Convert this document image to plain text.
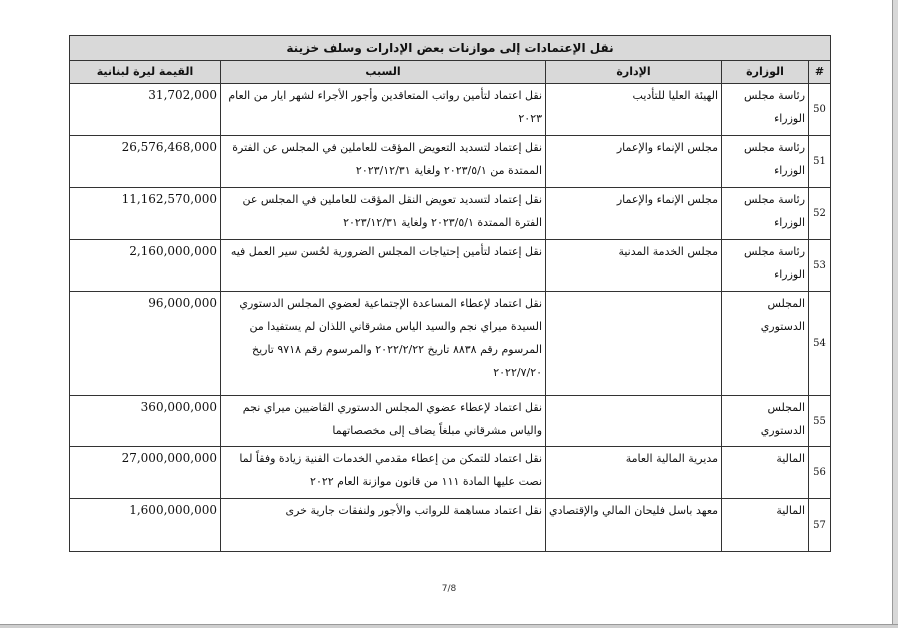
نقل الإعتمادات إلى موازنات بعض الإدارات وسلف خزينة				
#	الوزارة	الإدارة	السبب	القيمة ليرة لبنانية
50	رئاسة مجلس الوزراء	الهيئة العليا للتأديب	نقل اعتماد لتأمين رواتب المتعاقدين وأجور الأجراء لشهر ايار من العام ٢٠٢٣	31,702,000
51	رئاسة مجلس الوزراء	مجلس الإنماء والإعمار	نقل إعتماد لتسديد التعويض المؤقت للعاملين في المجلس عن الفترة الممتدة من ٢٠٢٣/٥/١ ولغاية ٢٠٢٣/١٢/٣١	26,576,468,000
52	رئاسة مجلس الوزراء	مجلس الإنماء والإعمار	نقل إعتماد لتسديد تعويض النقل المؤقت للعاملين في المجلس عن الفترة الممتدة ٢٠٢٣/٥/١ ولغاية ٢٠٢٣/١٢/٣١	11,162,570,000
53	رئاسة مجلس الوزراء	مجلس الخدمة المدنية	نقل إعتماد لتأمين إحتياجات المجلس الضرورية لحُسن سير العمل فيه	2,160,000,000
54	المجلس الدستوري		نقل اعتماد لإعطاء المساعدة الإجتماعية لعضوي المجلس الدستوري السيدة ميراي نجم والسيد الياس مشرقاني اللذان لم يستفيدا من المرسوم رقم ٨٨٣٨ تاريخ ٢٠٢٢/٢/٢٢ والمرسوم رقم ٩٧١٨ تاريخ ٢٠٢٢/٧/٢٠	96,000,000
55	المجلس الدستوري		نقل اعتماد لإعطاء عضوي المجلس الدستوري القاضيين ميراي نجم والياس مشرقاني مبلغاً يضاف إلى مخصصاتهما	360,000,000
56	المالية	مديرية المالية العامة	نقل اعتماد للتمكن من إعطاء مقدمي الخدمات الفنية زيادة وفقاً لما نصت عليها المادة ١١١ من قانون موازنة العام ٢٠٢٢	27,000,000,000
57	المالية	معهد باسل فليحان المالي والإقتصادي	نقل اعتماد مساهمة للرواتب والأجور ولنفقات جارية خرى	1,600,000,000
7/8
